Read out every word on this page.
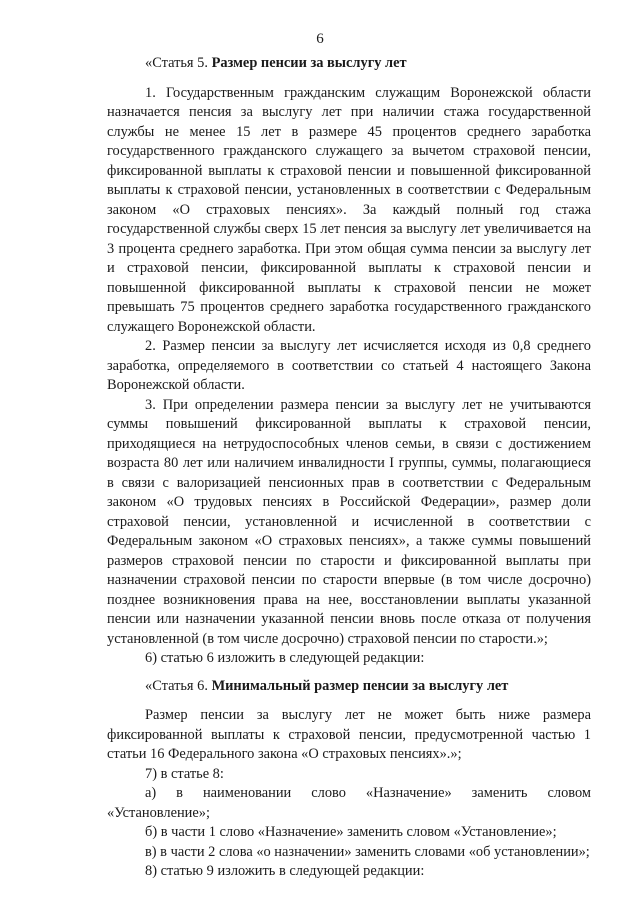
6

«Статья 5. Размер пенсии за выслугу лет

1. Государственным гражданским служащим Воронежской области назначается пенсия за выслугу лет при наличии стажа государственной службы не менее 15 лет в размере 45 процентов среднего заработка государственного гражданского служащего за вычетом страховой пенсии, фиксированной выплаты к страховой пенсии и повышенной фиксированной выплаты к страховой пенсии, установленных в соответствии с Федеральным законом «О страховых пенсиях». За каждый полный год стажа государственной службы сверх 15 лет пенсия за выслугу лет увеличивается на 3 процента среднего заработка. При этом общая сумма пенсии за выслугу лет и страховой пенсии, фиксированной выплаты к страховой пенсии и повышенной фиксированной выплаты к страховой пенсии не может превышать 75 процентов среднего заработка государственного гражданского служащего Воронежской области.

2. Размер пенсии за выслугу лет исчисляется исходя из 0,8 среднего заработка, определяемого в соответствии со статьей 4 настоящего Закона Воронежской области.

3. При определении размера пенсии за выслугу лет не учитываются суммы повышений фиксированной выплаты к страховой пенсии, приходящиеся на нетрудоспособных членов семьи, в связи с достижением возраста 80 лет или наличием инвалидности I группы, суммы, полагающиеся в связи с валоризацией пенсионных прав в соответствии с Федеральным законом «О трудовых пенсиях в Российской Федерации», размер доли страховой пенсии, установленной и исчисленной в соответствии с Федеральным законом «О страховых пенсиях», а также суммы повышений размеров страховой пенсии по старости и фиксированной выплаты при назначении страховой пенсии по старости впервые (в том числе досрочно) позднее возникновения права на нее, восстановлении выплаты указанной пенсии или назначении указанной пенсии вновь после отказа от получения установленной (в том числе досрочно) страховой пенсии по старости.»;

6) статью 6 изложить в следующей редакции:

«Статья 6. Минимальный размер пенсии за выслугу лет

Размер пенсии за выслугу лет не может быть ниже размера фиксированной выплаты к страховой пенсии, предусмотренной частью 1 статьи 16 Федерального закона «О страховых пенсиях».»;

7) в статье 8:

а) в наименовании слово «Назначение» заменить словом «Установление»;

б) в части 1 слово «Назначение» заменить словом «Установление»;

в) в части 2 слова «о назначении» заменить словами «об установлении»;

8) статью 9 изложить в следующей редакции:
